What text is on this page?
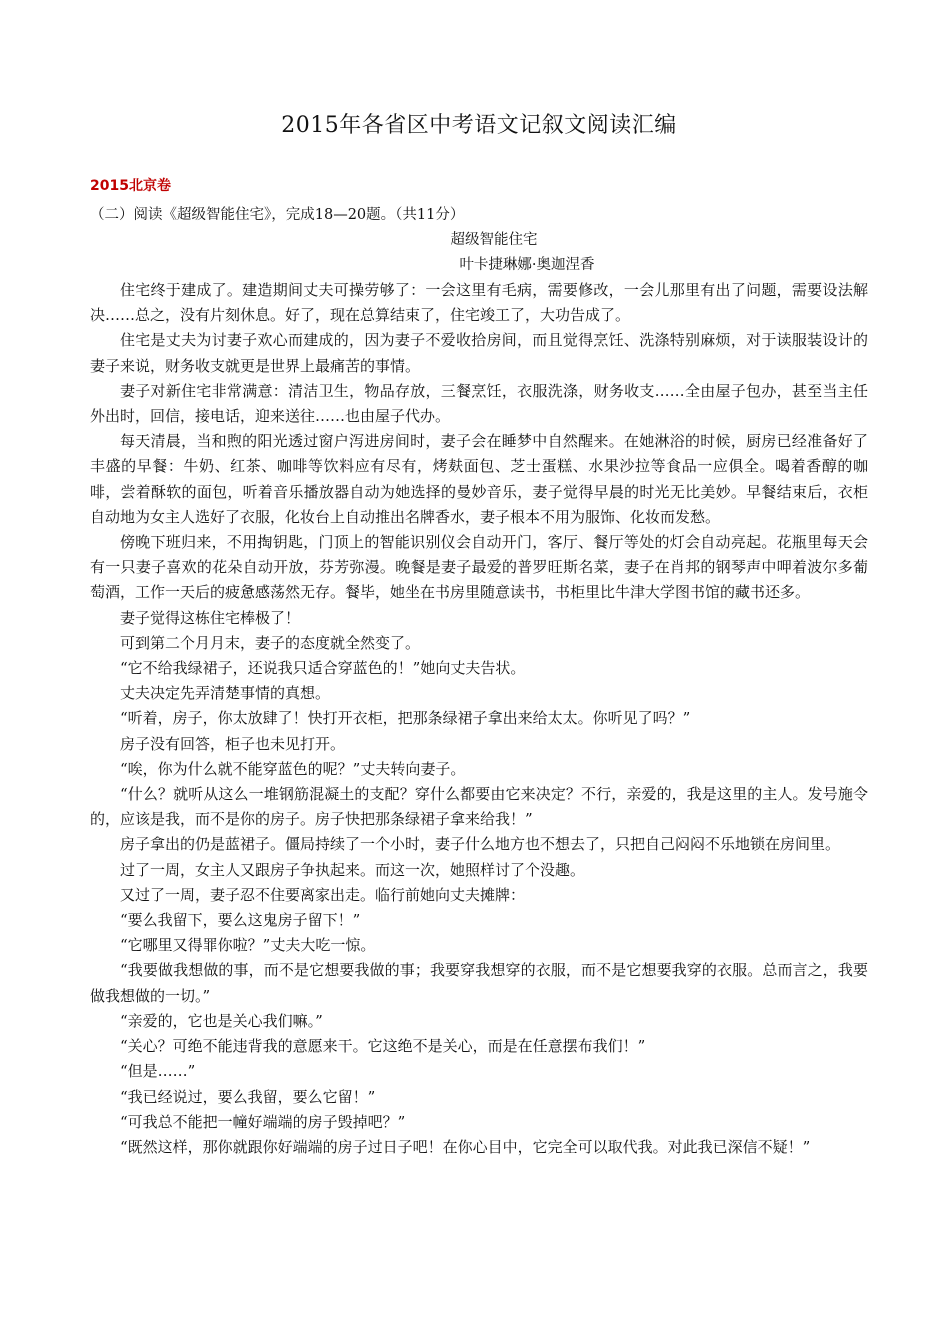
2015年各省区中考语文记叙文阅读汇编
2015北京卷
（二）阅读《超级智能住宅》，完成18—20题。（共11分）
超级智能住宅
叶卡捷琳娜·奥迦涅香

住宅终于建成了。建造期间丈夫可操劳够了：一会这里有毛病，需要修改，一会儿那里有出了问题，需要设法解决……总之，没有片刻休息。好了，现在总算结束了，住宅竣工了，大功告成了。

住宅是丈夫为讨妻子欢心而建成的，因为妻子不爱收拾房间，而且觉得烹饪、洗涤特别麻烦，对于读服装设计的妻子来说，财务收支就更是世界上最痛苦的事情。

妻子对新住宅非常满意：清洁卫生，物品存放，三餐烹饪，衣服洗涤，财务收支……全由屋子包办，甚至当主任外出时，回信，接电话，迎来送往……也由屋子代办。

每天清晨，当和煦的阳光透过窗户泻进房间时，妻子会在睡梦中自然醒来。在她淋浴的时候，厨房已经准备好了丰盛的早餐：牛奶、红茶、咖啡等饮料应有尽有，烤麸面包、芝士蛋糕、水果沙拉等食品一应俱全。喝着香醇的咖啡，尝着酥软的面包，听着音乐播放器自动为她选择的曼妙音乐，妻子觉得早晨的时光无比美妙。早餐结束后，衣柜自动地为女主人选好了衣服，化妆台上自动推出名牌香水，妻子根本不用为服饰、化妆而发愁。

傍晚下班归来，不用掏钥匙，门顶上的智能识别仪会自动开门，客厅、餐厅等处的灯会自动亮起。花瓶里每天会有一只妻子喜欢的花朵自动开放，芬芳弥漫。晚餐是妻子最爱的普罗旺斯名菜，妻子在肖邦的钢琴声中呷着波尔多葡萄酒，工作一天后的疲惫感荡然无存。餐毕，她坐在书房里随意读书，书柜里比牛津大学图书馆的藏书还多。

妻子觉得这栋住宅棒极了！

可到第二个月月末，妻子的态度就全然变了。

“它不给我绿裙子，还说我只适合穿蓝色的！”她向丈夫告状。

丈夫决定先弄清楚事情的真想。

“听着，房子，你太放肆了！快打开衣柜，把那条绿裙子拿出来给太太。你听见了吗？”

房子没有回答，柜子也未见打开。

“唉，你为什么就不能穿蓝色的呢？”丈夫转向妻子。

“什么？就听从这么一堆钢筋混凝土的支配？穿什么都要由它来决定？不行，亲爱的，我是这里的主人。发号施令的，应该是我，而不是你的房子。房子快把那条绿裙子拿来给我！”

房子拿出的仍是蓝裙子。僵局持续了一个小时，妻子什么地方也不想去了，只把自己闷闷不乐地锁在房间里。

过了一周，女主人又跟房子争执起来。而这一次，她照样讨了个没趣。

又过了一周，妻子忍不住要离家出走。临行前她向丈夫摊牌：

“要么我留下，要么这鬼房子留下！”

“它哪里又得罪你啦？”丈夫大吃一惊。

“我要做我想做的事，而不是它想要我做的事；我要穿我想穿的衣服，而不是它想要我穿的衣服。总而言之，我要做我想做的一切。”

“亲爱的，它也是关心我们嘛。”

“关心？可绝不能违背我的意愿来干。它这绝不是关心，而是在任意摆布我们！”

“但是……”

“我已经说过，要么我留，要么它留！”

“可我总不能把一幢好端端的房子毁掉吧？”

“既然这样，那你就跟你好端端的房子过日子吧！在你心目中，它完全可以取代我。对此我已深信不疑！”
